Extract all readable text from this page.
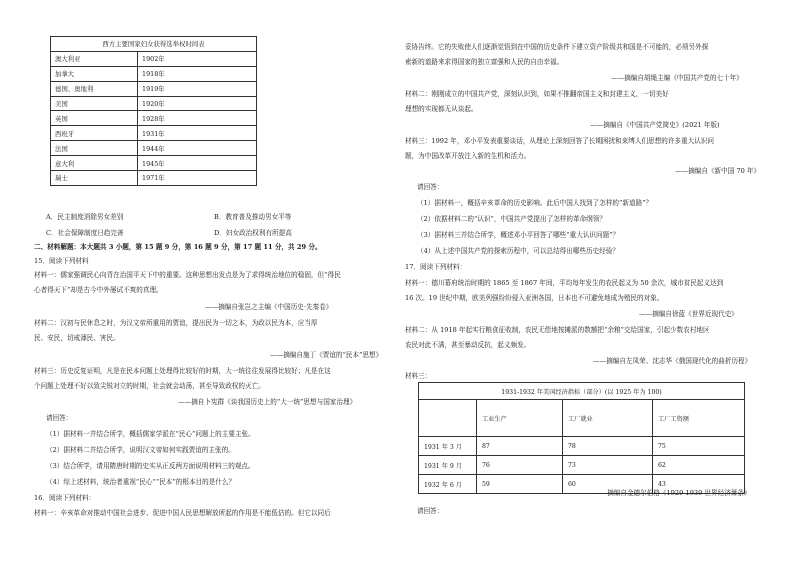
西方主要国家妇女获得选举权时间表	
澳大利亚	1902年
加拿大	1918年
德国、奥地利	1919年
美国	1920年
英国	1928年
西班牙	1931年
法国	1944年
意大利	1945年
瑞士	1971年
A．民主制度消除男女差别	B．教育普及推动男女平等
C．社会保障制度日趋完善	D．妇女政治权利有所提高
二、材料解题：本大题共 3 小题，第 15 题 9 分，第 16 题 9 分，第 17 题 11 分，共 29 分。
15．阅读下列材料
材料一：儒家强调民心向背在治国平天下中的重要。这种思想出发点是为了求得统治地位的稳固，但“得民
心者得天下”却是古今中外屡试不爽的真理。
——摘编自张岂之主编《中国历史·先秦卷》
材料二：汉初与民休息之时，为汉文帝所重用的贾谊，提出民为一切之本，为政以民为本，应当厚
民、安民，切戒薄民、害民。
——摘编自施丁《贾谊的“民本”思想》
材料三：历史反复证明，凡是在民本问题上处理得比较好的时期，大一统往往发展得比较好；凡是在这
个问题上处理不好以致尖锐对立的时期，社会就会动荡，甚至导致政权的灭亡。
——摘自卜宪群《谈我国历史上的“大一统”思想与国家治理》
请回答：
（1）据材料一并结合所学，概括儒家学派在“民心”问题上的主要主张。
（2）据材料二并结合所学，说明汉文帝如何实践贾谊的主张的。
（3）结合所学，请用隋唐时期的史实从正反两方面说明材料三的观点。
（4）综上述材料，统治者重视“民心”“民本”的根本目的是什么？
16．阅读下列材料：
材料一：辛亥革命对推动中国社会进步、促进中国人民思想解放所起的作用是不能低估的。但它以同后
妥协告终。它的失败使人们逐渐觉悟到在中国的历史条件下建立资产阶级共和国是不可能的，必须另外探
索新的道路来求得国家的独立富强和人民的自由幸福。
——摘编自胡绳主编《中国共产党的七十年》
材料二：刚刚成立的中国共产党，深刻认识到，如果不推翻帝国主义和封建主义，一切美好
理想的实现都无从谈起。
——摘编自《中国共产党简史》(2021 年版)
材料三：1992 年，邓小平发表重要谈话，从理论上深刻回答了长期困扰和束缚人们思想的许多重大认识问
题，为中国改革开放注入新的生机和活力。
——摘编自《新中国 70 年》
请回答：
（1）据材料一，概括辛亥革命的历史影响。此后中国人找到了怎样的“新道路”？
（2）依据材料二的“认识”，中国共产党提出了怎样的革命纲领？
（3）据材料三并结合所学，概述邓小平回答了哪些“重大认识问题”？
（4）从上述中国共产党的探索历程中，可以总结得出哪些历史经验？
17．阅读下列材料：
材料一：德川幕府统治时期的 1865 至 1867 年间，平均每年发生的农民起义为 50 余次，城市贫民起义达到
16 次。19 世纪中期，欧美列强纷纷侵入亚洲各国，日本也不可避免地成为殖民的对象。
——摘编自徐蓝《世界近现代史》
材料二：从 1918 年起实行粮食征收制，农民无偿地按摊派的数额把“余粮”交给国家，引起少数农村地区
农民对此不满，甚至暴动反抗，起义频发。
——摘编自左凤荣、沈志华《俄国现代化的曲折历程》
材料三：
1931-1932 年美国经济指标（部分）(以 1925 年为 100)			
	工业生产	工厂就业	工厂工资额
1931 年 3 月	87	78	75
1931 年 9 月	76	73	62
1932 年 6 月	59	60	43
——摘编自金德尔伯格《1929-1939 世界经济萧条》
请回答：
